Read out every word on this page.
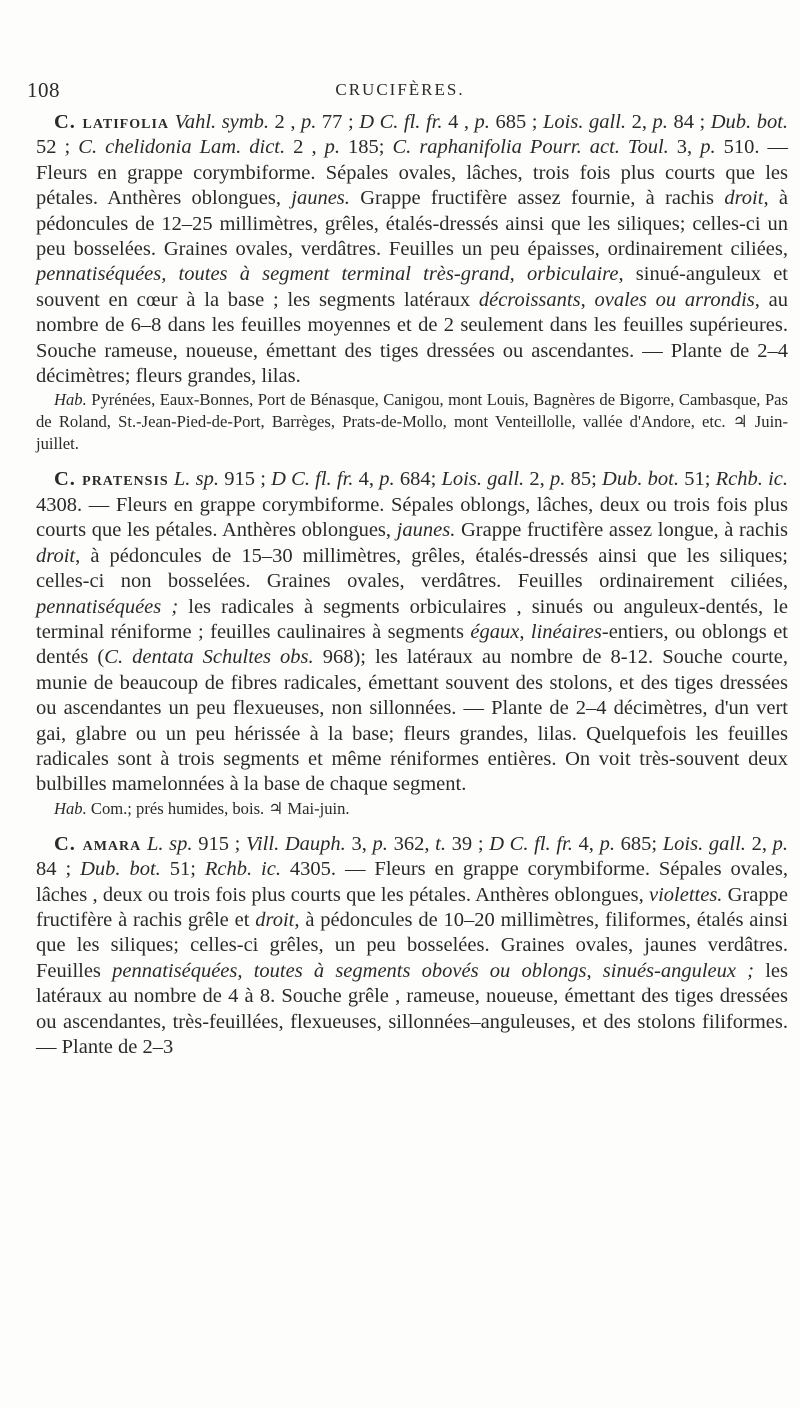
108	CRUCIFÈRES.

C. latifolia Vahl. symb. 2 , p. 77 ; D C. fl. fr. 4 , p. 685 ; Lois. gall. 2, p. 84 ; Dub. bot. 52 ; C. chelidonia Lam. dict. 2 , p. 185; C. raphanifolia Pourr. act. Toul. 3, p. 510. — Fleurs en grappe corymbiforme. Sépales ovales, lâches, trois fois plus courts que les pétales. Anthères oblongues, jaunes. Grappe fructifère assez fournie, à rachis droit, à pédoncules de 12–25 millimètres, grêles, étalés-dressés ainsi que les siliques; celles-ci un peu bosselées. Graines ovales, verdâtres. Feuilles un peu épaisses, ordinairement ciliées, pennatiséquées, toutes à segment terminal très-grand, orbiculaire, sinué-anguleux et souvent en cœur à la base ; les segments latéraux décroissants, ovales ou arrondis, au nombre de 6–8 dans les feuilles moyennes et de 2 seulement dans les feuilles supérieures. Souche rameuse, noueuse, émettant des tiges dressées ou ascendantes. — Plante de 2–4 décimètres; fleurs grandes, lilas.

Hab. Pyrénées, Eaux-Bonnes, Port de Bénasque, Canigou, mont Louis, Bagnères de Bigorre, Cambasque, Pas de Roland, St.-Jean-Pied-de-Port, Barrèges, Prats-de-Mollo, mont Venteillolle, vallée d'Andore, etc. ♃ Juin-juillet.

C. pratensis L. sp. 915 ; D C. fl. fr. 4, p. 684; Lois. gall. 2, p. 85; Dub. bot. 51; Rchb. ic. 4308. — Fleurs en grappe corymbiforme. Sépales oblongs, lâches, deux ou trois fois plus courts que les pétales. Anthères oblongues, jaunes. Grappe fructifère assez longue, à rachis droit, à pédoncules de 15–30 millimètres, grêles, étalés-dressés ainsi que les siliques; celles-ci non bosselées. Graines ovales, verdâtres. Feuilles ordinairement ciliées, pennatiséquées ; les radicales à segments orbiculaires , sinués ou anguleux-dentés, le terminal réniforme ; feuilles caulinaires à segments égaux, linéaires-entiers, ou oblongs et dentés (C. dentata Schultes obs. 968); les latéraux au nombre de 8-12. Souche courte, munie de beaucoup de fibres radicales, émettant souvent des stolons, et des tiges dressées ou ascendantes un peu flexueuses, non sillonnées. — Plante de 2–4 décimètres, d'un vert gai, glabre ou un peu hérissée à la base; fleurs grandes, lilas. Quelquefois les feuilles radicales sont à trois segments et même réniformes entières. On voit très-souvent deux bulbilles mamelonnées à la base de chaque segment.

Hab. Com.; prés humides, bois. ♃ Mai-juin.

C. amara L. sp. 915 ; Vill. Dauph. 3, p. 362, t. 39 ; D C. fl. fr. 4, p. 685; Lois. gall. 2, p. 84 ; Dub. bot. 51; Rchb. ic. 4305. — Fleurs en grappe corymbiforme. Sépales ovales, lâches , deux ou trois fois plus courts que les pétales. Anthères oblongues, violettes. Grappe fructifère à rachis grêle et droit, à pédoncules de 10–20 millimètres, filiformes, étalés ainsi que les siliques; celles-ci grêles, un peu bosselées. Graines ovales, jaunes verdâtres. Feuilles pennatiséquées, toutes à segments obovés ou oblongs, sinués-anguleux ; les latéraux au nombre de 4 à 8. Souche grêle , rameuse, noueuse, émettant des tiges dressées ou ascendantes, très-feuillées, flexueuses, sillonnées–anguleuses, et des stolons filiformes. — Plante de 2–3
